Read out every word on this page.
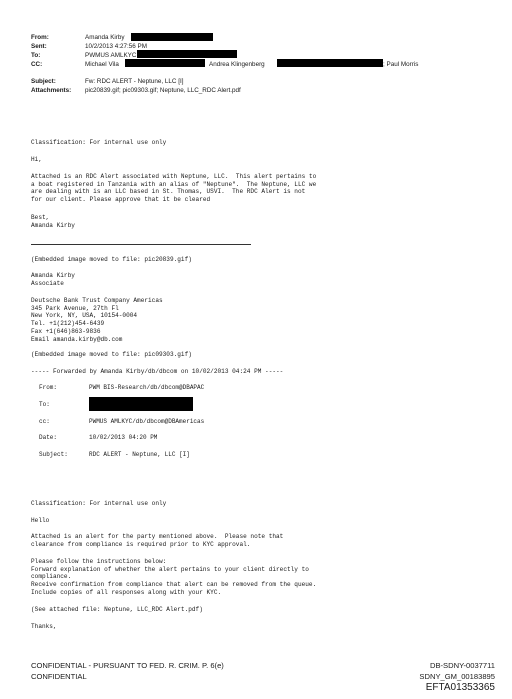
From:	Amanda Kirby
Sent:	10/2/2013 4:27:56 PM
To:	PWMUS AMLKYC
CC:	Michael Vila	Andrea Klingenberg	; Paul Morris
Subject:	Fw: RDC ALERT - Neptune, LLC [I]
Attachments: pic20839.gif; pic09303.gif; Neptune, LLC_RDC Alert.pdf
Classification: For internal use only
Hi,
Attached is an RDC Alert associated with Neptune, LLC.  This alert pertains to
a boat registered in Tanzania with an alias of "Neptune".  The Neptune, LLC we
are dealing with is an LLC based in St. Thomas, USVI.  The RDC Alert is not
for our client. Please approve that it be cleared
Best,
Amanda Kirby
(Embedded image moved to file: pic20839.gif)
Amanda Kirby
Associate
Deutsche Bank Trust Company Americas
345 Park Avenue, 27th Fl
New York, NY, USA, 10154-0004
Tel. +1(212)454-6439
Fax +1(646)863-9836
Email amanda.kirby@db.com
(Embedded image moved to file: pic09303.gif)
----- Forwarded by Amanda Kirby/db/dbcom on 10/02/2013 04:24 PM -----

From:

	PWM BIS-Research/db/dbcom@DBAPAC

To:

cc:

	PWMUS AMLKYC/db/dbcom@DBAmericas

Date:

	10/02/2013 04:20 PM

Subject:

	RDC ALERT - Neptune, LLC [I]

Classification: For internal use only
Hello
Attached is an alert for the party mentioned above.  Please note that
clearance from compliance is required prior to KYC approval.
Please follow the instructions below:
Forward explanation of whether the alert pertains to your client directly to
compliance.
Receive confirmation from compliance that alert can be removed from the queue.
Include copies of all responses along with your KYC.
(See attached file: Neptune, LLC_RDC Alert.pdf)
Thanks,
CONFIDENTIAL - PURSUANT TO FED. R. CRIM. P. 6(e)
CONFIDENTIAL
DB-SDNY-0037711
SDNY_GM_00183895
EFTA01353365
